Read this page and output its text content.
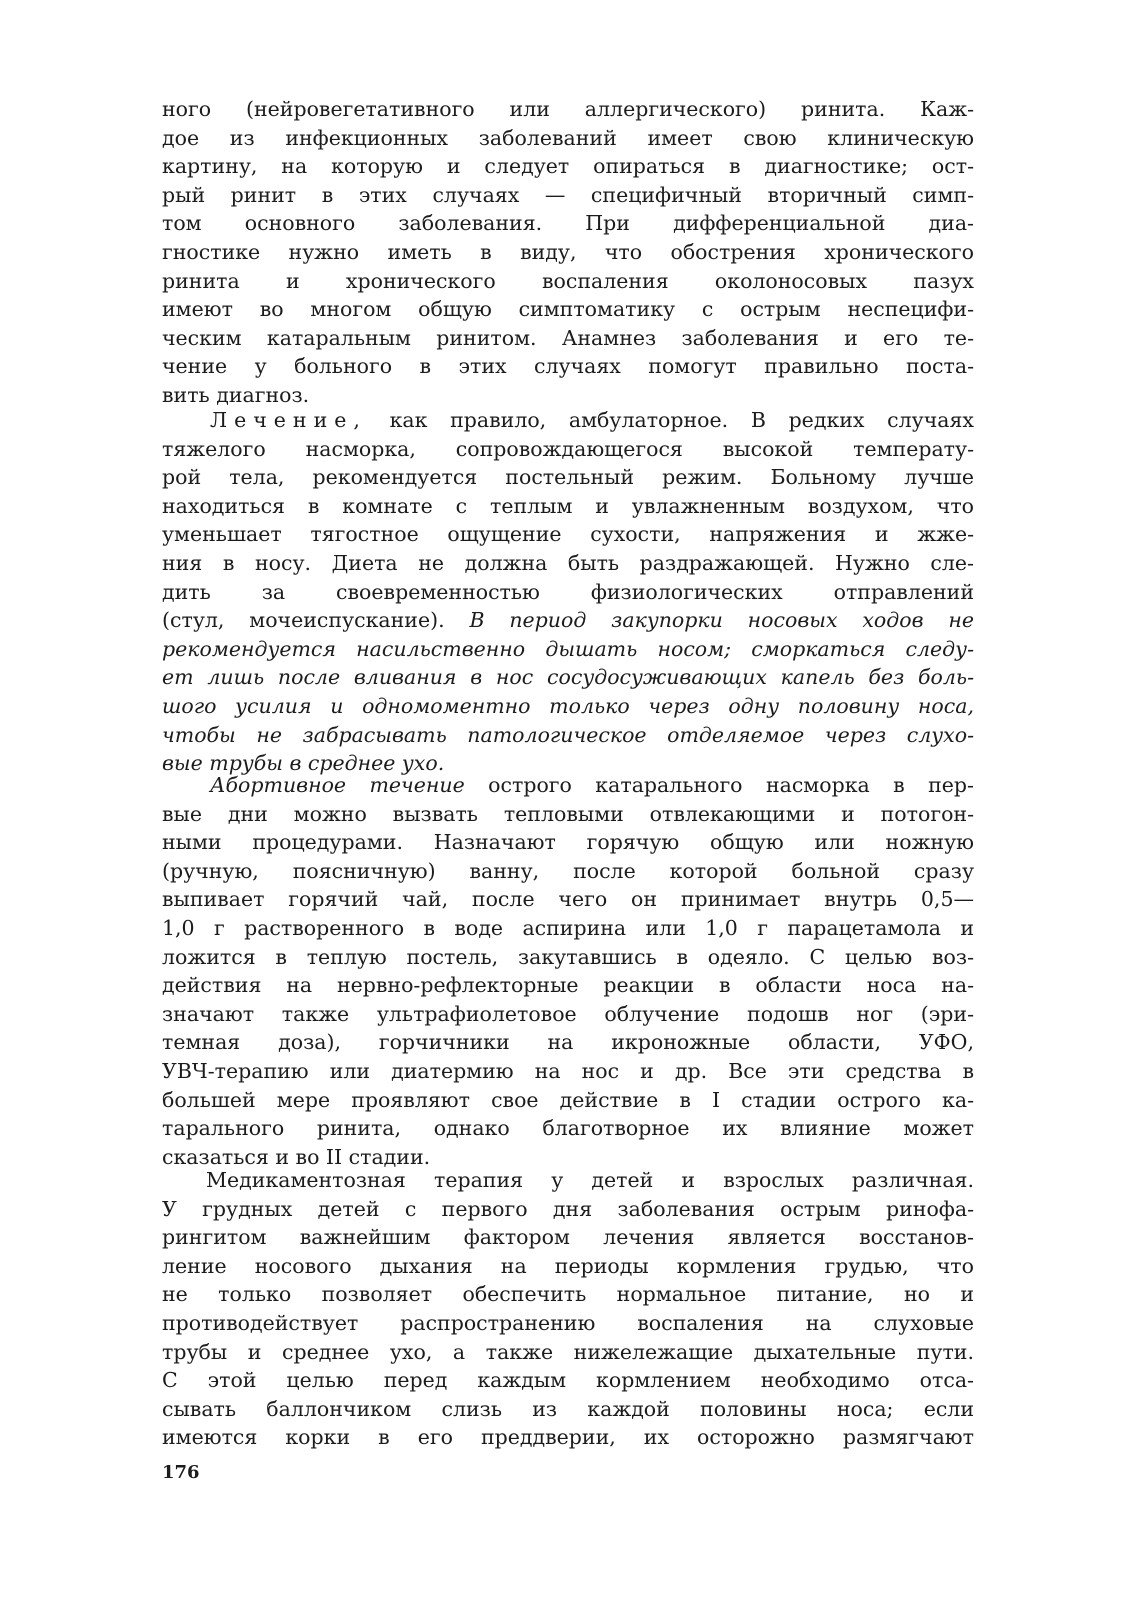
ного (нейровегетативного или аллергического) ринита. Каж-
дое из инфекционных заболеваний имеет свою клиническую
картину, на которую и следует опираться в диагностике; ост-
рый ринит в этих случаях — специфичный вторичный симп-
том основного заболевания. При дифференциальной диа-
гностике нужно иметь в виду, что обострения хронического
ринита и хронического воспаления околоносовых пазух
имеют во многом общую симптоматику с острым неспецифи-
ческим катаральным ринитом. Анамнез заболевания и его те-
чение у больного в этих случаях помогут правильно поста-
вить диагноз.
Лечение, как правило, амбулаторное. В редких случаях
тяжелого насморка, сопровождающегося высокой температу-
рой тела, рекомендуется постельный режим. Больному лучше
находиться в комнате с теплым и увлажненным воздухом, что
уменьшает тягостное ощущение сухости, напряжения и жже-
ния в носу. Диета не должна быть раздражающей. Нужно сле-
дить за своевременностью физиологических отправлений
(стул, мочеиспускание). В период закупорки носовых ходов не
рекомендуется насильственно дышать носом; сморкаться следу-
ет лишь после вливания в нос сосудосуживающих капель без боль-
шого усилия и одномоментно только через одну половину носа,
чтобы не забрасывать патологическое отделяемое через слухо-
вые трубы в среднее ухо.
Абортивное течение острого катарального насморка в пер-
вые дни можно вызвать тепловыми отвлекающими и потогон-
ными процедурами. Назначают горячую общую или ножную
(ручную, поясничную) ванну, после которой больной сразу
выпивает горячий чай, после чего он принимает внутрь 0,5—
1,0 г растворенного в воде аспирина или 1,0 г парацетамола и
ложится в теплую постель, закутавшись в одеяло. С целью воз-
действия на нервно-рефлекторные реакции в области носа на-
значают также ультрафиолетовое облучение подошв ног (эри-
темная доза), горчичники на икроножные области, УФО,
УВЧ-терапию или диатермию на нос и др. Все эти средства в
большей мере проявляют свое действие в I стадии острого ка-
тарального ринита, однако благотворное их влияние может
сказаться и во II стадии.
Медикаментозная терапия у детей и взрослых различная.
У грудных детей с первого дня заболевания острым ринофа-
рингитом важнейшим фактором лечения является восстанов-
ление носового дыхания на периоды кормления грудью, что
не только позволяет обеспечить нормальное питание, но и
противодействует распространению воспаления на слуховые
трубы и среднее ухо, а также нижележащие дыхательные пути.
С этой целью перед каждым кормлением необходимо отса-
сывать баллончиком слизь из каждой половины носа; если
имеются корки в его преддверии, их осторожно размягчают
176
